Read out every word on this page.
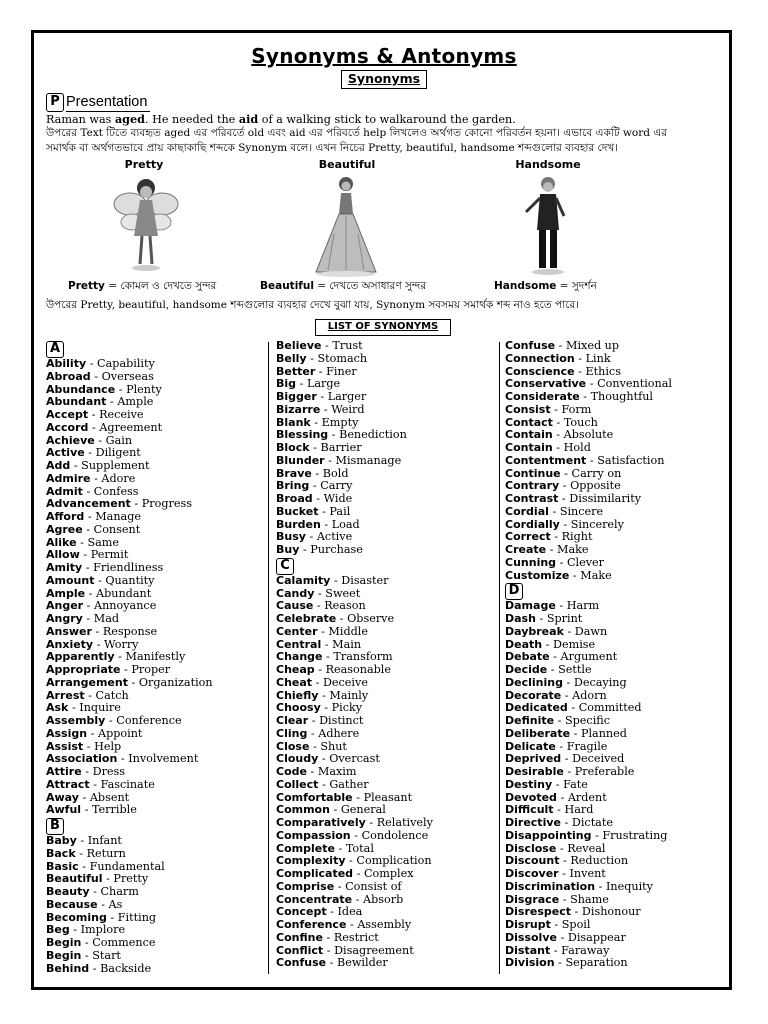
Synonyms & Antonyms
Synonyms
P Presentation
Raman was aged. He needed the aid of a walking stick to walkaround the garden.
উপরের Text টিতে ব্যবহৃত aged এর পরিবর্তে old এবং aid এর পরিবর্তে help লিখলেও অর্থগত কোনো পরিবর্তন হয়না। এভাবে একটি word এর
সমার্থক বা অর্থগতভাবে প্রায় কাছাকাছি শব্দকে Synonym বলে। এখন নিচের Pretty, beautiful, handsome শব্দগুলোর ব্যবহার দেখ।
Pretty	Beautiful	Handsome
Pretty = কোমল ও দেখতে সুন্দর	Beautiful = দেখতে অসাধারণ সুন্দর	Handsome = সুদর্শন
উপরের Pretty, beautiful, handsome শব্দগুলোর ব্যবহার দেখে বুঝা যায়, Synonym সবসময় সমার্থক শব্দ নাও হতে পারে।
LIST OF SYNONYMS
A
Ability - Capability
Abroad - Overseas
Abundance - Plenty
Abundant - Ample
Accept - Receive
Accord - Agreement
Achieve - Gain
Active - Diligent
Add - Supplement
Admire - Adore
Admit - Confess
Advancement - Progress
Afford - Manage
Agree - Consent
Alike - Same
Allow - Permit
Amity - Friendliness
Amount - Quantity
Ample - Abundant
Anger - Annoyance
Angry - Mad
Answer - Response
Anxiety - Worry
Apparently - Manifestly
Appropriate - Proper
Arrangement - Organization
Arrest - Catch
Ask - Inquire
Assembly - Conference
Assign - Appoint
Assist - Help
Association - Involvement
Attire - Dress
Attract - Fascinate
Away - Absent
Awful - Terrible
B
Baby - Infant
Back - Return
Basic - Fundamental
Beautiful - Pretty
Beauty - Charm
Because - As
Becoming - Fitting
Beg - Implore
Begin - Commence
Begin - Start
Behind - Backside
Believe - Trust
Belly - Stomach
Better - Finer
Big - Large
Bigger - Larger
Bizarre - Weird
Blank - Empty
Blessing - Benediction
Block - Barrier
Blunder - Mismanage
Brave - Bold
Bring - Carry
Broad - Wide
Bucket - Pail
Burden - Load
Busy - Active
Buy - Purchase
C
Calamity - Disaster
Candy - Sweet
Cause - Reason
Celebrate - Observe
Center - Middle
Central - Main
Change - Transform
Cheap - Reasonable
Cheat - Deceive
Chiefly - Mainly
Choosy - Picky
Clear - Distinct
Cling - Adhere
Close - Shut
Cloudy - Overcast
Code - Maxim
Collect - Gather
Comfortable - Pleasant
Common - General
Comparatively - Relatively
Compassion - Condolence
Complete - Total
Complexity - Complication
Complicated - Complex
Comprise - Consist of
Concentrate - Absorb
Concept - Idea
Conference - Assembly
Confine - Restrict
Conflict - Disagreement
Confuse - Bewilder
Confuse - Mixed up
Connection - Link
Conscience - Ethics
Conservative - Conventional
Considerate - Thoughtful
Consist - Form
Contact - Touch
Contain - Absolute
Contain - Hold
Contentment - Satisfaction
Continue - Carry on
Contrary - Opposite
Contrast - Dissimilarity
Cordial - Sincere
Cordially - Sincerely
Correct - Right
Create - Make
Cunning - Clever
Customize - Make
D
Damage - Harm
Dash - Sprint
Daybreak - Dawn
Death - Demise
Debate - Argument
Decide - Settle
Declining - Decaying
Decorate - Adorn
Dedicated - Committed
Definite - Specific
Deliberate - Planned
Delicate - Fragile
Deprived - Deceived
Desirable - Preferable
Destiny - Fate
Devoted - Ardent
Difficult - Hard
Directive - Dictate
Disappointing - Frustrating
Disclose - Reveal
Discount - Reduction
Discover - Invent
Discrimination - Inequity
Disgrace - Shame
Disrespect - Dishonour
Disrupt - Spoil
Dissolve - Disappear
Distant - Faraway
Division - Separation
